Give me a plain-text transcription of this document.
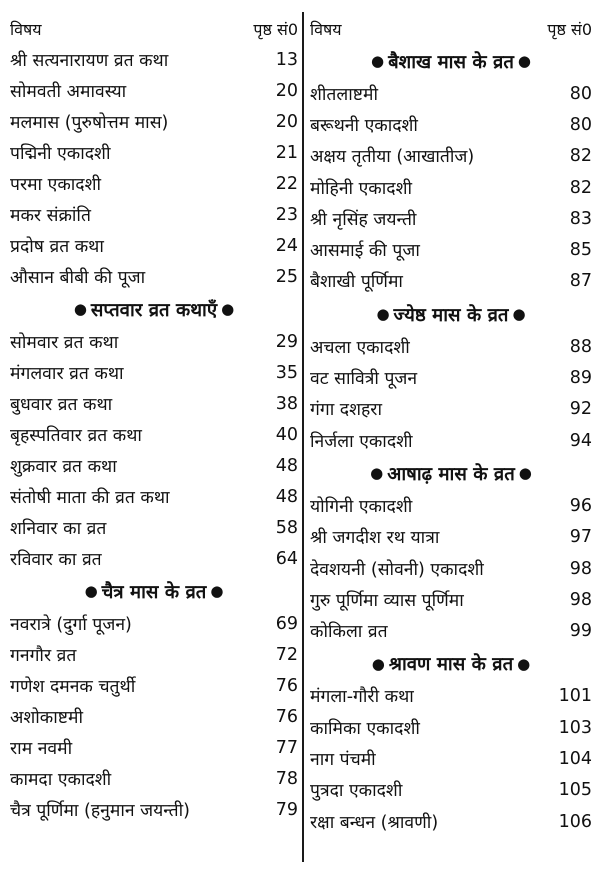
विषय	पृष्ठ सं0
श्री सत्यनारायण व्रत कथा	13
सोमवती अमावस्या	20
मलमास (पुरुषोत्तम मास)	20
पद्मिनी एकादशी	21
परमा एकादशी	22
मकर संक्रांति	23
प्रदोष व्रत कथा	24
औसान बीबी की पूजा	25
● सप्तवार व्रत कथाएँ ●
सोमवार व्रत कथा	29
मंगलवार व्रत कथा	35
बुधवार व्रत कथा	38
बृहस्पतिवार व्रत कथा	40
शुक्रवार व्रत कथा	48
संतोषी माता की व्रत कथा	48
शनिवार का व्रत	58
रविवार का व्रत	64
● चैत्र मास के व्रत ●
नवरात्रे (दुर्गा पूजन)	69
गनगौर व्रत	72
गणेश दमनक चतुर्थी	76
अशोकाष्टमी	76
राम नवमी	77
कामदा एकादशी	78
चैत्र पूर्णिमा (हनुमान जयन्ती)	79
विषय	पृष्ठ सं0
● बैशाख मास के व्रत ●
शीतलाष्टमी	80
बरूथनी एकादशी	80
अक्षय तृतीया (आखातीज)	82
मोहिनी एकादशी	82
श्री नृसिंह जयन्ती	83
आसमाई की पूजा	85
बैशाखी पूर्णिमा	87
● ज्येष्ठ मास के व्रत ●
अचला एकादशी	88
वट सावित्री पूजन	89
गंगा दशहरा	92
निर्जला एकादशी	94
● आषाढ़ मास के व्रत ●
योगिनी एकादशी	96
श्री जगदीश रथ यात्रा	97
देवशयनी (सोवनी) एकादशी	98
गुरु पूर्णिमा व्यास पूर्णिमा	98
कोकिला व्रत	99
● श्रावण मास के व्रत ●
मंगला-गौरी कथा	101
कामिका एकादशी	103
नाग पंचमी	104
पुत्रदा एकादशी	105
रक्षा बन्धन (श्रावणी)	106
